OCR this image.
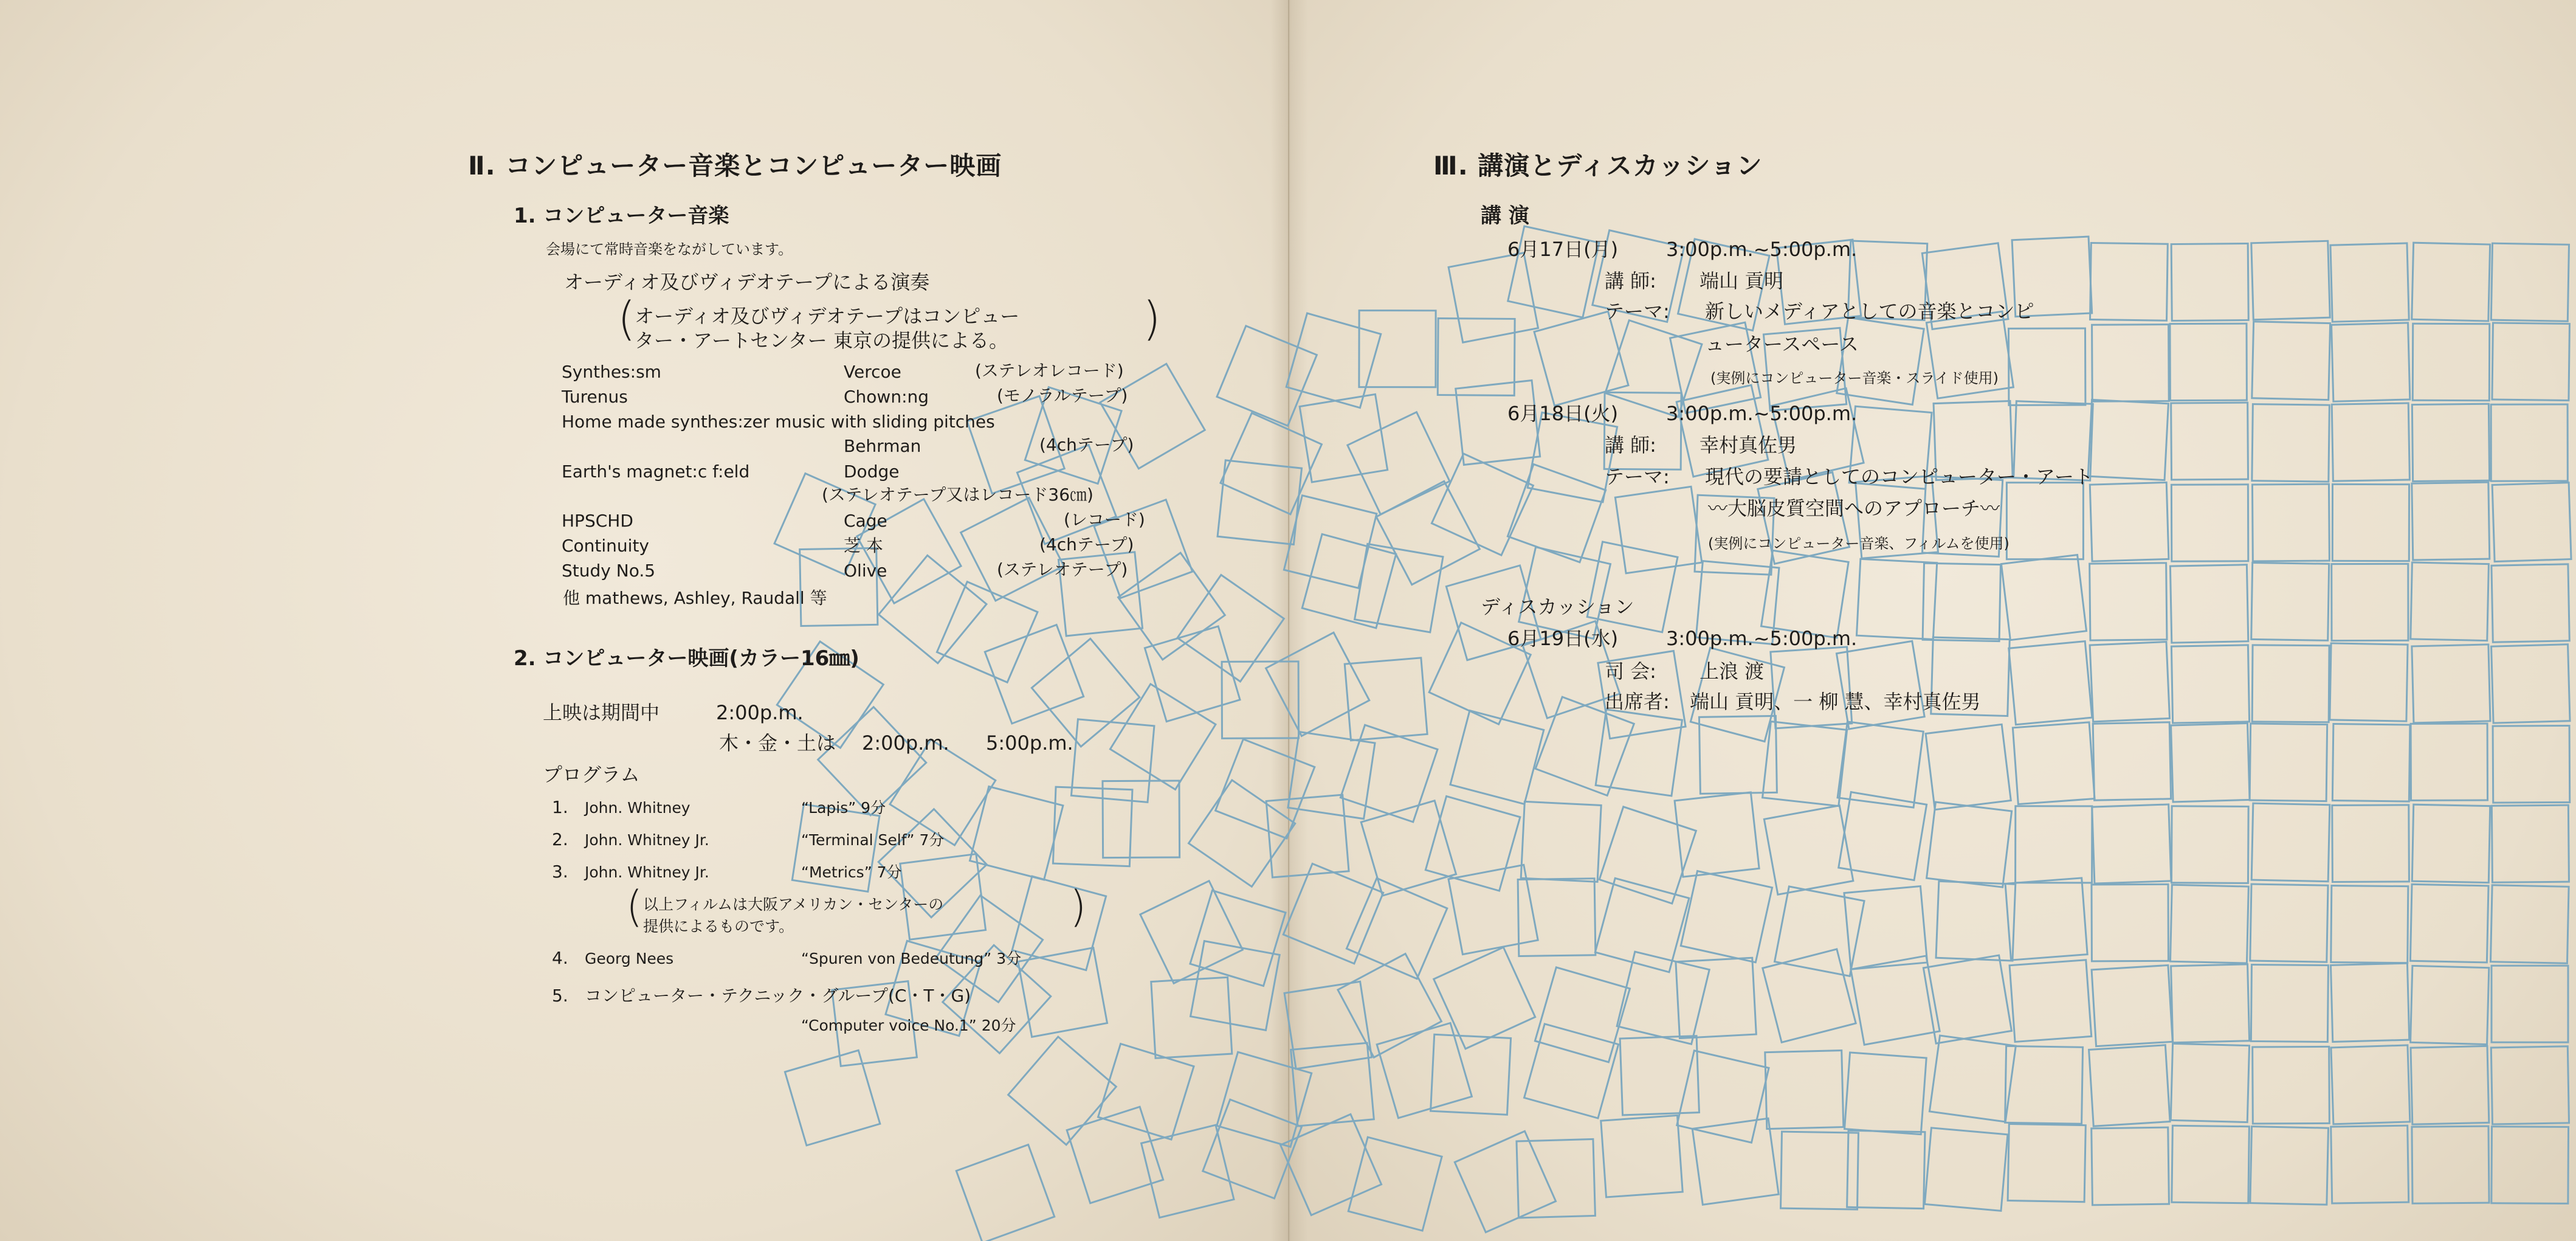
Ⅱ. コンピューター音楽とコンピューター映画
1. コンピューター音楽
会場にて常時音楽をながしています。
オーディオ及びヴィデオテープによる演奏
(
オーディオ及びヴィデオテープはコンピュー
ター・アートセンター 東京の提供による。	)
Synthes:sm	Vercoe	(ステレオレコード)
Turenus	Chown:ng	(モノラルテープ)
Home made synthes:zer music with sliding pitches
Behrman	(4chテープ)
Earth's magnet:c f:eld	Dodge
(ステレオテープ又はレコード36㎝)
HPSCHD	Cage	(レコード)
Continuity	芝 本	(4chテープ)
Study No.5	Olive	(ステレオテープ)
他 mathews, Ashley, Raudall 等
2. コンピューター映画(カラー16㎜)
上映は期間中	2:00p.m.
木・金・土は 2:00p.m. 5:00p.m.
プログラム
1. John. Whitney	“Lapis” 9分
2. John. Whitney Jr.	“Terminal Self” 7分
3. John. Whitney Jr.	“Metrics” 7分
( 以上フィルムは大阪アメリカン・センターの
提供によるものです。	)
4. Georg Nees	“Spuren von Bedeutung” 3分
5. コンピューター・テクニック・グループ(C・T・G)
“Computer voice No.1” 20分
Ⅲ. 講演とディスカッション
講 演
6月17日(月) 3:00p.m.~5:00p.m.
講 師: 端山 貢明
テーマ: 新しいメディアとしての音楽とコンピ
ュータースペース
(実例にコンピューター音楽・スライド使用)
6月18日(火) 3:00p.m.~5:00p.m.
講 師: 幸村真佐男
テーマ: 現代の要請としてのコンピューター・アート
〰大脳皮質空間へのアプローチ〰
(実例にコンピューター音楽、フィルムを使用)
ディスカッション
6月19日(水) 3:00p.m.~5:00p.m.
司 会: 上浪 渡
出席者: 端山 貢明、一 柳 慧、幸村真佐男
